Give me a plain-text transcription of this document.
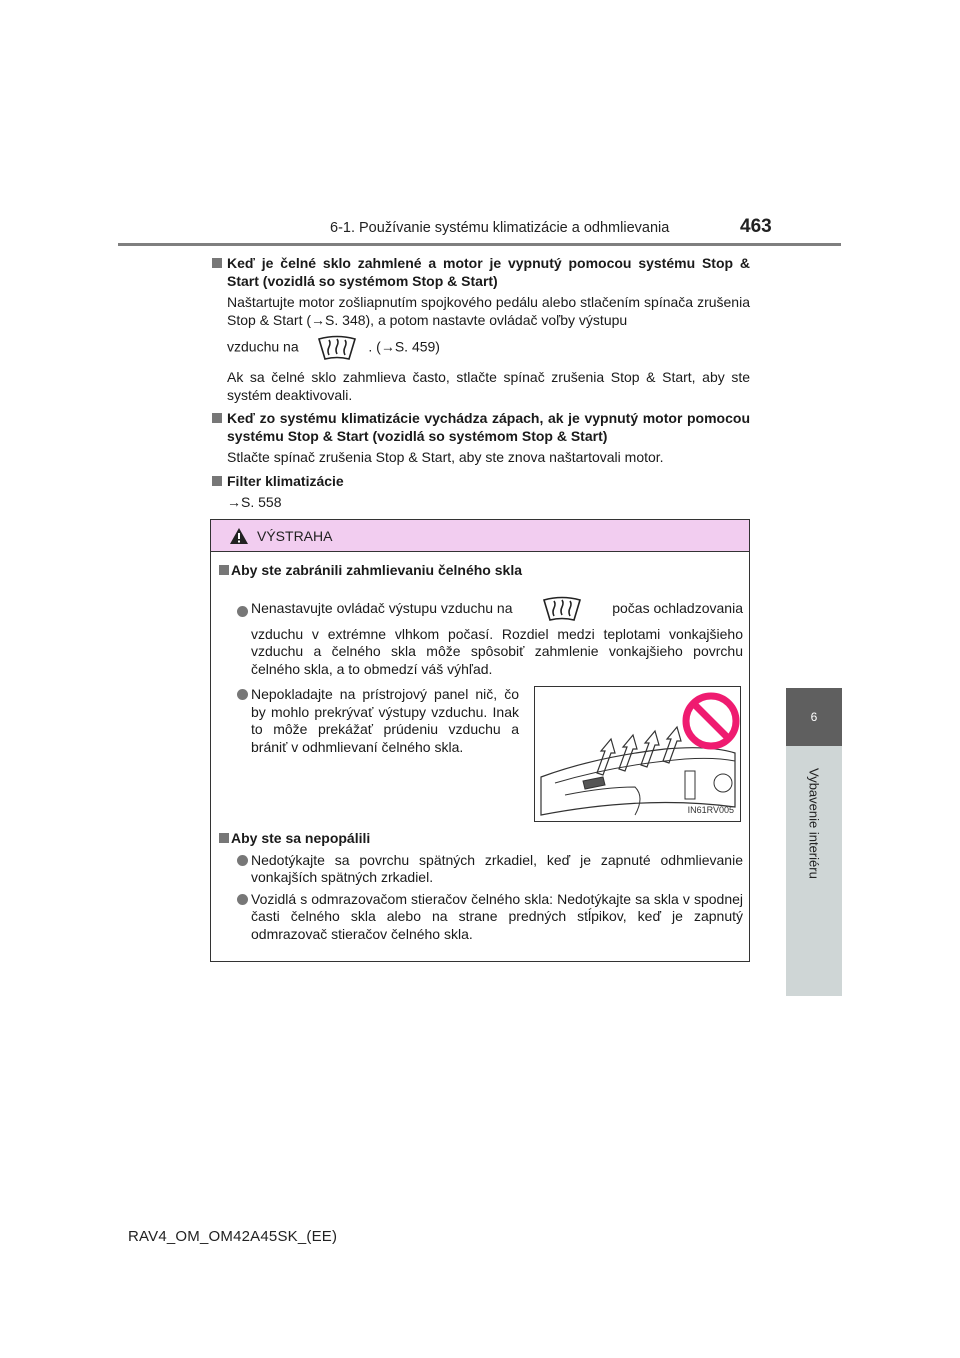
6-1. Používanie systému klimatizácie a odhmlievania	463
6
Vybavenie interiéru
Keď je čelné sklo zahmlené a motor je vypnutý pomocou systému Stop & Start (vozidlá so systémom Stop & Start)
Naštartujte motor zošliapnutím spojkového pedálu alebo stlačením spínača zrušenia Stop & Start (→S. 348), a potom nastavte ovládač voľby výstupu
vzduchu na	. (→S. 459)
Ak sa čelné sklo zahmlieva často, stlačte spínač zrušenia Stop & Start, aby ste systém deaktivovali.
Keď zo systému klimatizácie vychádza zápach, ak je vypnutý motor pomocou systému Stop & Start (vozidlá so systémom Stop & Start)
Stlačte spínač zrušenia Stop & Start, aby ste znova naštartovali motor.
Filter klimatizácie
→S. 558
VÝSTRAHA
Aby ste zabránili zahmlievaniu čelného skla
Nenastavujte ovládač výstupu vzduchu na	počas ochladzovania
vzduchu v extrémne vlhkom počasí. Rozdiel medzi teplotami vonkajšieho vzduchu a čelného skla môže spôsobiť zahmlenie vonkajšieho povrchu čelného skla, a to obmedzí váš výhľad.
Nepokladajte na prístrojový panel nič, čo by mohlo prekrývať výstupy vzduchu. Inak to môže prekážať prúdeniu vzduchu a brániť v odhmlievaní čelného skla.
IN61RV005
Aby ste sa nepopálili
Nedotýkajte sa povrchu spätných zrkadiel, keď je zapnuté odhmlievanie vonkajších spätných zrkadiel.
Vozidlá s odmrazovačom stieračov čelného skla: Nedotýkajte sa skla v spodnej časti čelného skla alebo na strane predných stĺpikov, keď je zapnutý odmrazovač stieračov čelného skla.
RAV4_OM_OM42A45SK_(EE)
